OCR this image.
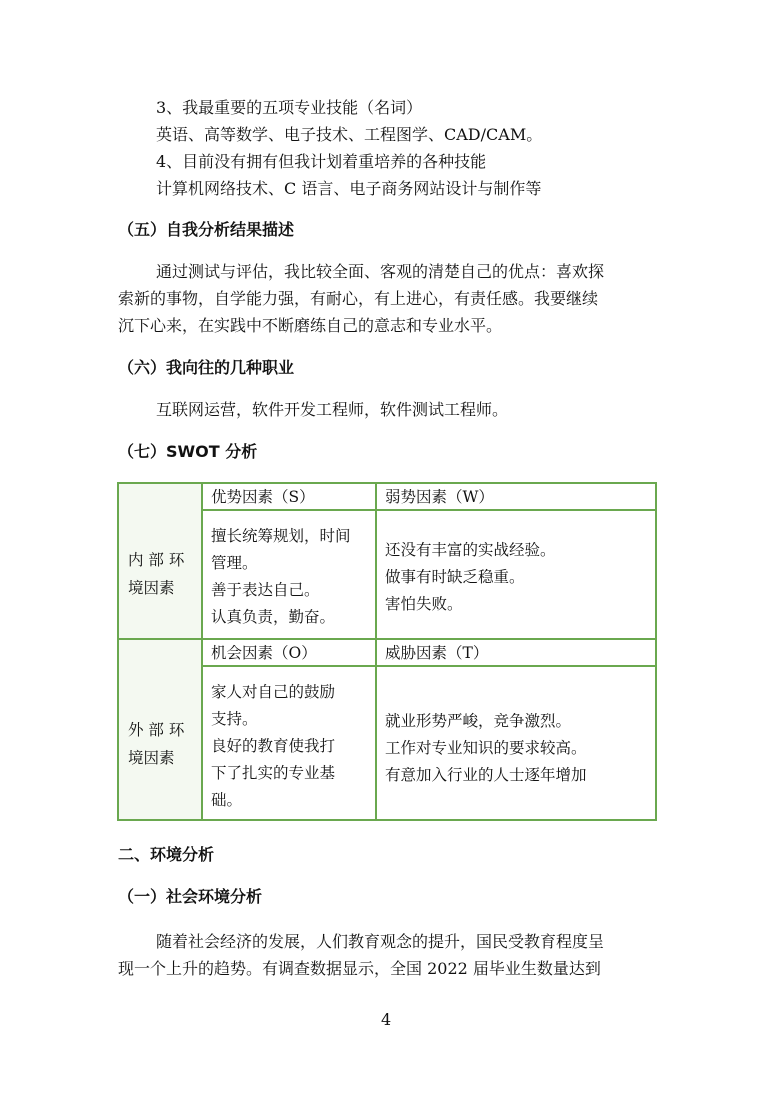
3、我最重要的五项专业技能（名词）
英语、高等数学、电子技术、工程图学、CAD/CAM。
4、目前没有拥有但我计划着重培养的各种技能
计算机网络技术、C 语言、电子商务网站设计与制作等
（五）自我分析结果描述
通过测试与评估，我比较全面、客观的清楚自己的优点：喜欢探
索新的事物，自学能力强，有耐心，有上进心，有责任感。我要继续
沉下心来，在实践中不断磨练自己的意志和专业水平。
（六）我向往的几种职业
互联网运营，软件开发工程师，软件测试工程师。
（七）SWOT 分析
内 部 环
境因素
优势因素（S）	弱势因素（W）
擅长统筹规划，时间
管理。
善于表达自己。
认真负责，勤奋。
还没有丰富的实战经验。
做事有时缺乏稳重。
害怕失败。
外 部 环
境因素
机会因素（O）	威胁因素（T）
家人对自己的鼓励
支持。
良好的教育使我打
下了扎实的专业基
础。
就业形势严峻，竞争激烈。
工作对专业知识的要求较高。
有意加入行业的人士逐年增加
二、环境分析
（一）社会环境分析
随着社会经济的发展，人们教育观念的提升，国民受教育程度呈
现一个上升的趋势。有调查数据显示，全国 2022 届毕业生数量达到
4
